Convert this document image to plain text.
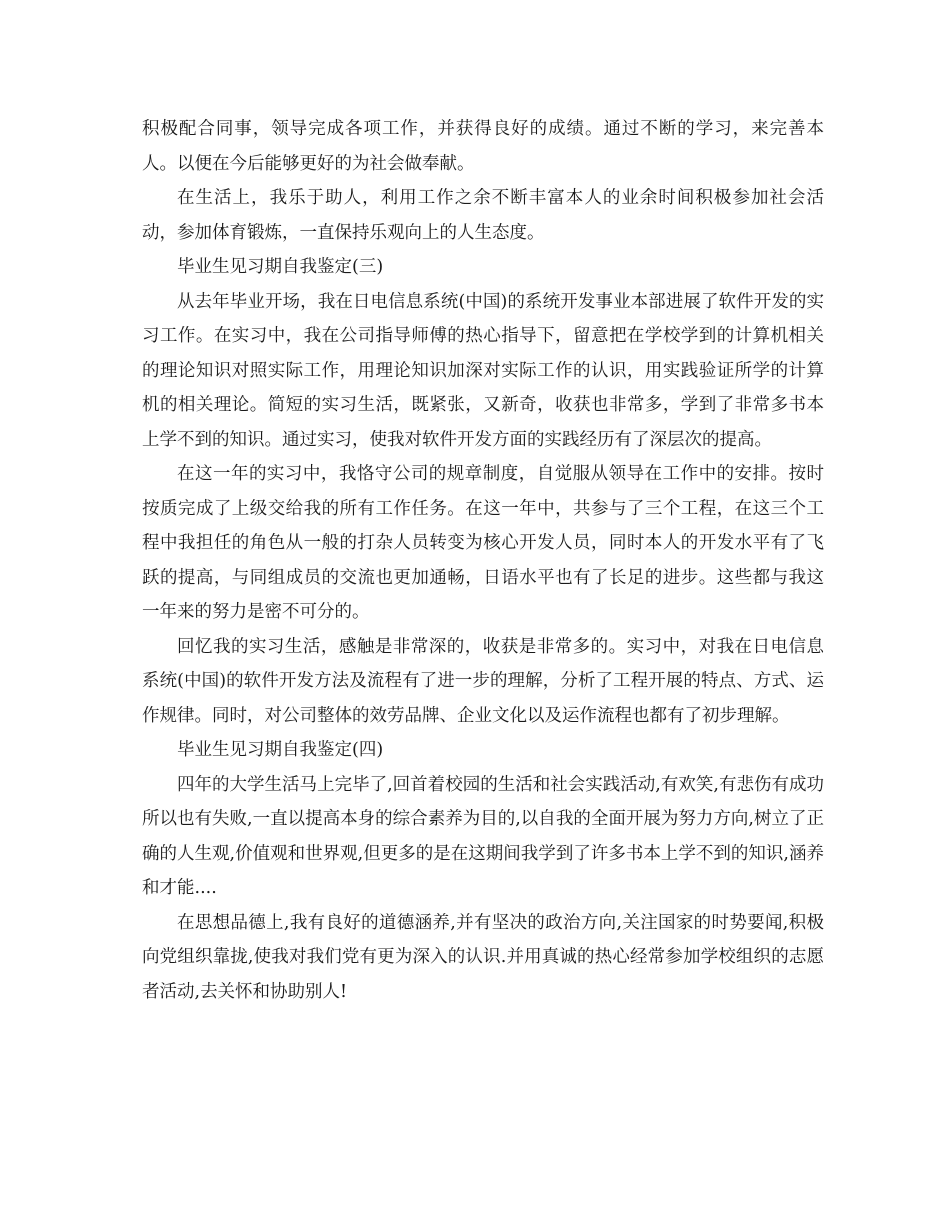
积极配合同事，领导完成各项工作，并获得良好的成绩。通过不断的学习，来完善本人。以便在今后能够更好的为社会做奉献。

在生活上，我乐于助人，利用工作之余不断丰富本人的业余时间积极参加社会活动，参加体育锻炼，一直保持乐观向上的人生态度。

毕业生见习期自我鉴定(三)

从去年毕业开场，我在日电信息系统(中国)的系统开发事业本部进展了软件开发的实习工作。在实习中，我在公司指导师傅的热心指导下，留意把在学校学到的计算机相关的理论知识对照实际工作，用理论知识加深对实际工作的认识，用实践验证所学的计算机的相关理论。简短的实习生活，既紧张，又新奇，收获也非常多，学到了非常多书本上学不到的知识。通过实习，使我对软件开发方面的实践经历有了深层次的提高。

在这一年的实习中，我恪守公司的规章制度，自觉服从领导在工作中的安排。按时按质完成了上级交给我的所有工作任务。在这一年中，共参与了三个工程，在这三个工程中我担任的角色从一般的打杂人员转变为核心开发人员，同时本人的开发水平有了飞跃的提高，与同组成员的交流也更加通畅，日语水平也有了长足的进步。这些都与我这一年来的努力是密不可分的。

回忆我的实习生活，感触是非常深的，收获是非常多的。实习中，对我在日电信息系统(中国)的软件开发方法及流程有了进一步的理解，分析了工程开展的特点、方式、运作规律。同时，对公司整体的效劳品牌、企业文化以及运作流程也都有了初步理解。

毕业生见习期自我鉴定(四)

四年的大学生活马上完毕了,回首着校园的生活和社会实践活动,有欢笑,有悲伤有成功所以也有失败,一直以提高本身的综合素养为目的,以自我的全面开展为努力方向,树立了正确的人生观,价值观和世界观,但更多的是在这期间我学到了许多书本上学不到的知识,涵养和才能....

在思想品德上,我有良好的道德涵养,并有坚决的政治方向,关注国家的时势要闻,积极向党组织靠拢,使我对我们党有更为深入的认识.并用真诚的热心经常参加学校组织的志愿者活动,去关怀和协助别人!
